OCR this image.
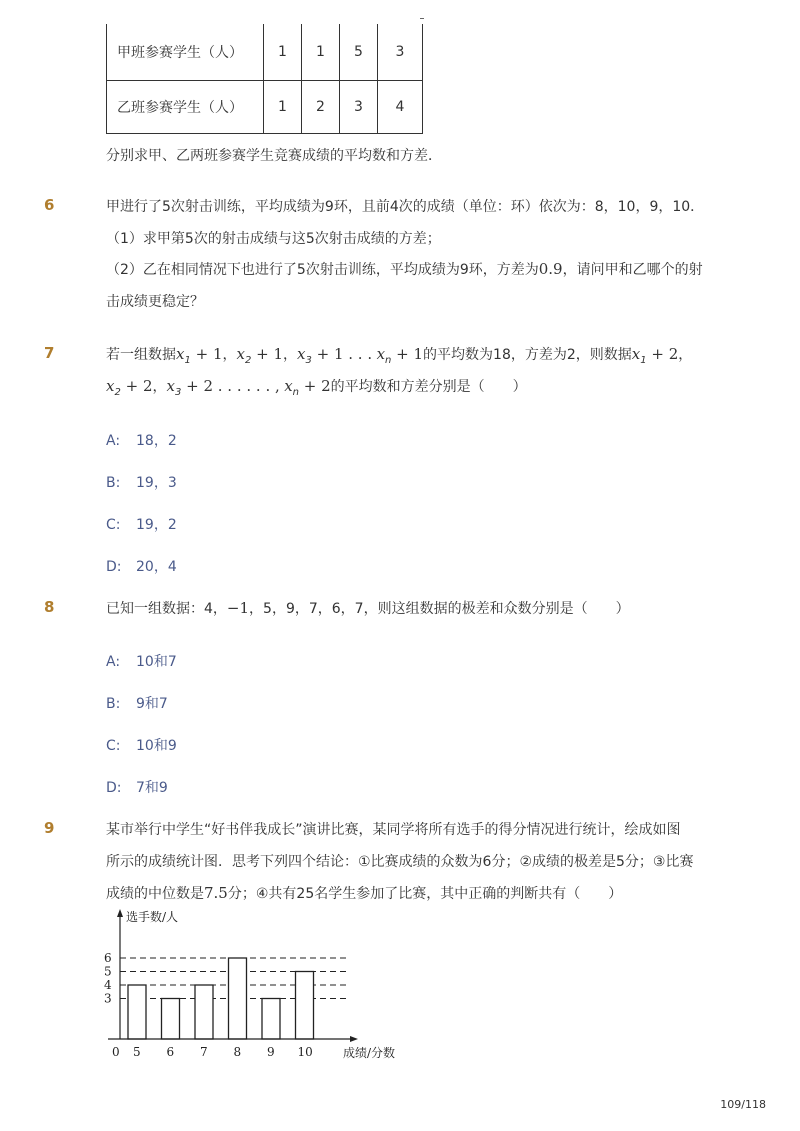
甲班参赛学生（人）	1	1	5	3
乙班参赛学生（人）	1	2	3	4
分别求甲、乙两班参赛学生竞赛成绩的平均数和方差．
6	甲进行了5次射击训练，平均成绩为9环，且前4次的成绩（单位：环）依次为：8，10，9，10．
（1）求甲第5次的射击成绩与这5次射击成绩的方差；
（2）乙在相同情况下也进行了5次射击训练，平均成绩为9环，方差为0.9，请问甲和乙哪个的射
击成绩更稳定？
7	若一组数据$x_1 + 1$，$x_2 + 1$，$x_3 + 1$ . . . $x_n + 1$的平均数为18，方差为2，则数据$x_1 + 2$，
$x_2 + 2$，$x_3 + 2$ . . . . . . , $x_n + 2$的平均数和方差分别是（　　）
A: 18，2
B: 19，3
C: 19，2
D: 20，4
8	已知一组数据：4，−1，5，9，7，6，7，则这组数据的极差和众数分别是（　　）
A: 10和7
B: 9和7
C: 10和9
D: 7和9
9	某市举行中学生“好书伴我成长”演讲比赛，某同学将所有选手的得分情况进行统计，绘成如图
所示的成绩统计图．思考下列四个结论：①比赛成绩的众数为6分；②成绩的极差是5分；③比赛
成绩的中位数是7.5分；④共有25名学生参加了比赛，其中正确的判断共有（　　）
选手数/人
成绩/分数
0 5 6 7 8 9 10
3
4
5
6
109/118
